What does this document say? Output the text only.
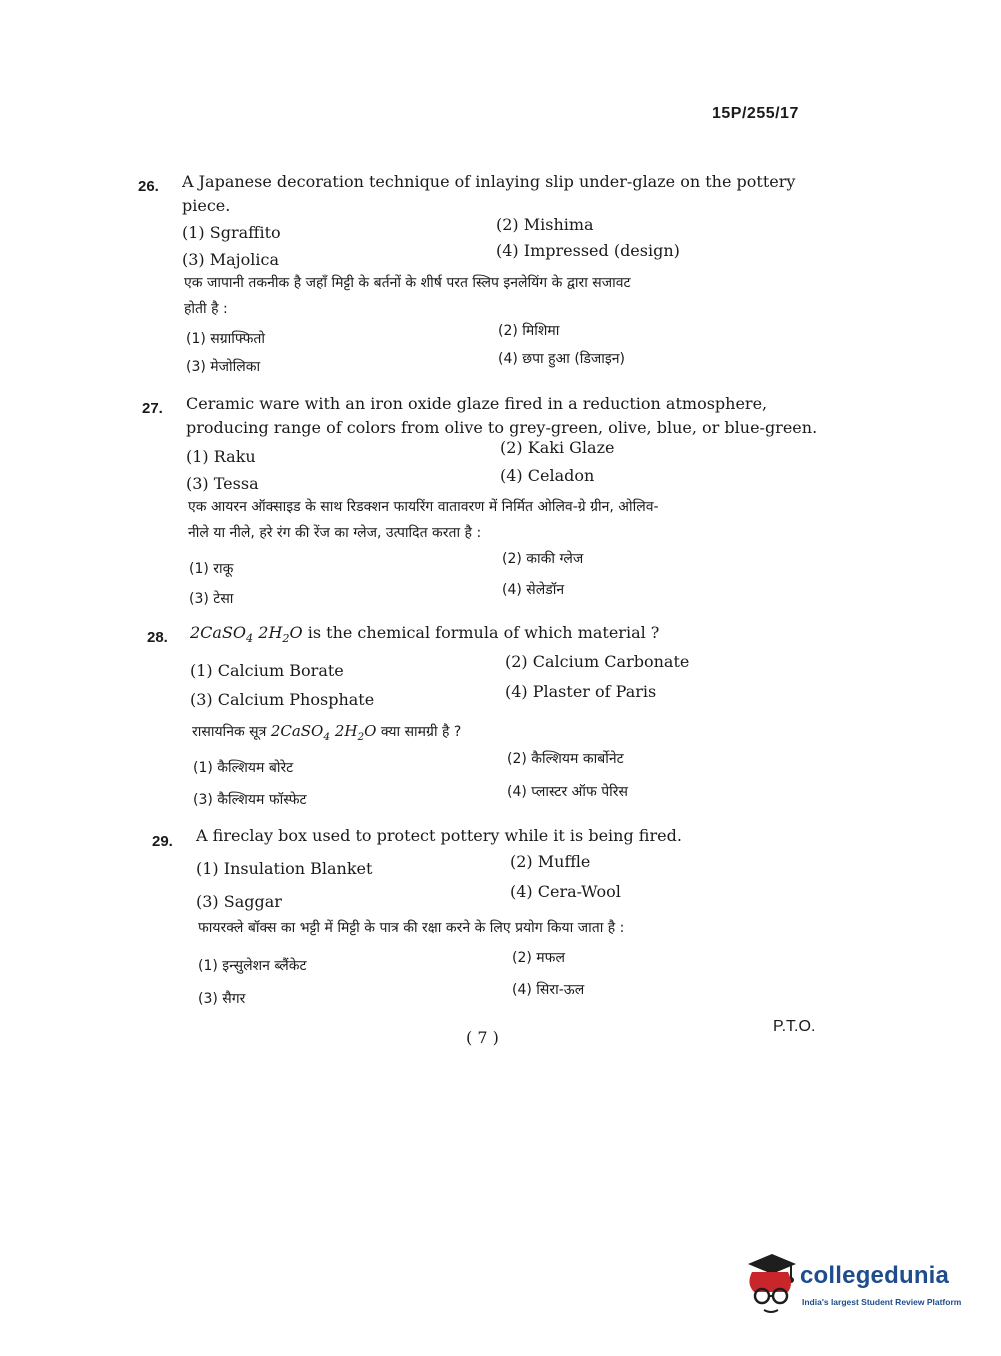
15P/255/17
26. A Japanese decoration technique of inlaying slip under-glaze on the pottery
piece.
(1) Sgraffito	(2) Mishima
(3) Majolica	(4) Impressed (design)
एक जापानी तकनीक है जहाँ मिट्टी के बर्तनों के शीर्ष परत स्लिप इनलेयिंग के द्वारा सजावट
होती है :
(1) सग्राफ्फितो	(2) मिशिमा
(3) मेजोलिका	(4) छपा हुआ (डिजाइन)
27. Ceramic ware with an iron oxide glaze fired in a reduction atmosphere,
producing range of colors from olive to grey-green, olive, blue, or blue-green.
(1) Raku	(2) Kaki Glaze
(3) Tessa	(4) Celadon
एक आयरन ऑक्साइड के साथ रिडक्शन फायरिंग वातावरण में निर्मित ओलिव-ग्रे ग्रीन, ओलिव-
नीले या नीले, हरे रंग की रेंज का ग्लेज, उत्पादित करता है :
(1) राकू
(2) काकी ग्लेज
(3) टेसा
(4) सेलेडॉन
28. 2CaSO$_4$ $2H_2O$ is the chemical formula of which material ?
(1) Calcium Borate	(2) Calcium Carbonate
(3) Calcium Phosphate	(4) Plaster of Paris
रासायनिक सूत्र 2CaSO$_4$ $2H_2O$ क्या सामग्री है ?
(1) कैल्शियम बोरेट
(2) कैल्शियम कार्बोनेट
(3) कैल्शियम फॉस्फेट	(4) प्लास्टर ऑफ पेरिस
29. A fireclay box used to protect pottery while it is being fired.
(1) Insulation Blanket	(2) Muffle
(3) Saggar
(4) Cera-Wool
फायरक्ले बॉक्स का भट्टी में मिट्टी के पात्र की रक्षा करने के लिए प्रयोग किया जाता है :
(1) इन्सुलेशन ब्लैंकेट	(2) मफल
(3) सैगर
(4) सिरा-ऊल
( 7 )
P.T.O.
collegedunia
India's largest Student Review Platform
